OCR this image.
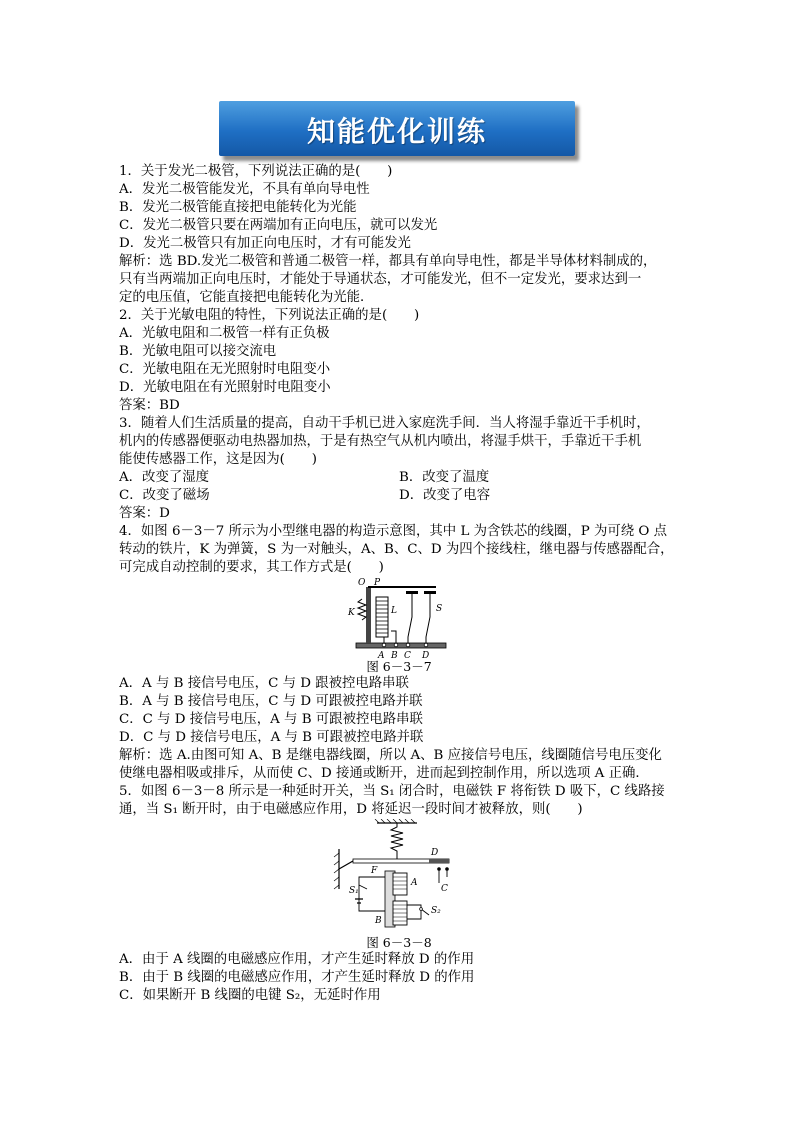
知能优化训练
1．关于发光二极管，下列说法正确的是(　　)
A．发光二极管能发光，不具有单向导电性
B．发光二极管能直接把电能转化为光能
C．发光二极管只要在两端加有正向电压，就可以发光
D．发光二极管只有加正向电压时，才有可能发光
解析：选 BD.发光二极管和普通二极管一样，都具有单向导电性，都是半导体材料制成的，
只有当两端加正向电压时，才能处于导通状态，才可能发光，但不一定发光，要求达到一
定的电压值，它能直接把电能转化为光能．
2．关于光敏电阻的特性，下列说法正确的是(　　)
A．光敏电阻和二极管一样有正负极
B．光敏电阻可以接交流电
C．光敏电阻在无光照射时电阻变小
D．光敏电阻在有光照射时电阻变小
答案：BD
3．随着人们生活质量的提高，自动干手机已进入家庭洗手间．当人将湿手靠近干手机时，
机内的传感器便驱动电热器加热，于是有热空气从机内喷出，将湿手烘干，手靠近干手机
能使传感器工作，这是因为(　　)
A．改变了湿度	B．改变了温度
C．改变了磁场	D．改变了电容
答案：D
4．如图 6－3－7 所示为小型继电器的构造示意图，其中 L 为含铁芯的线圈，P 为可绕 O 点
转动的铁片，K 为弹簧，S 为一对触头，A、B、C、D 为四个接线柱，继电器与传感器配合，
可完成自动控制的要求，其工作方式是(　　)
O P
K	L	S
A B C D
图 6－3－7
A．A 与 B 接信号电压，C 与 D 跟被控电路串联
B．A 与 B 接信号电压，C 与 D 可跟被控电路并联
C．C 与 D 接信号电压，A 与 B 可跟被控电路串联
D．C 与 D 接信号电压，A 与 B 可跟被控电路并联
解析：选 A.由图可知 A、B 是继电器线圈，所以 A、B 应接信号电压，线圈随信号电压变化
使继电器相吸或排斥，从而使 C、D 接通或断开，进而起到控制作用，所以选项 A 正确．
5．如图 6－3－8 所示是一种延时开关，当 S₁ 闭合时，电磁铁 F 将衔铁 D 吸下，C 线路接
通，当 S₁ 断开时，由于电磁感应作用，D 将延迟一段时间才被释放，则(　　)
D
C
F
A
B
S₁
S₂
图 6－3－8
A．由于 A 线圈的电磁感应作用，才产生延时释放 D 的作用
B．由于 B 线圈的电磁感应作用，才产生延时释放 D 的作用
C．如果断开 B 线圈的电键 S₂，无延时作用
